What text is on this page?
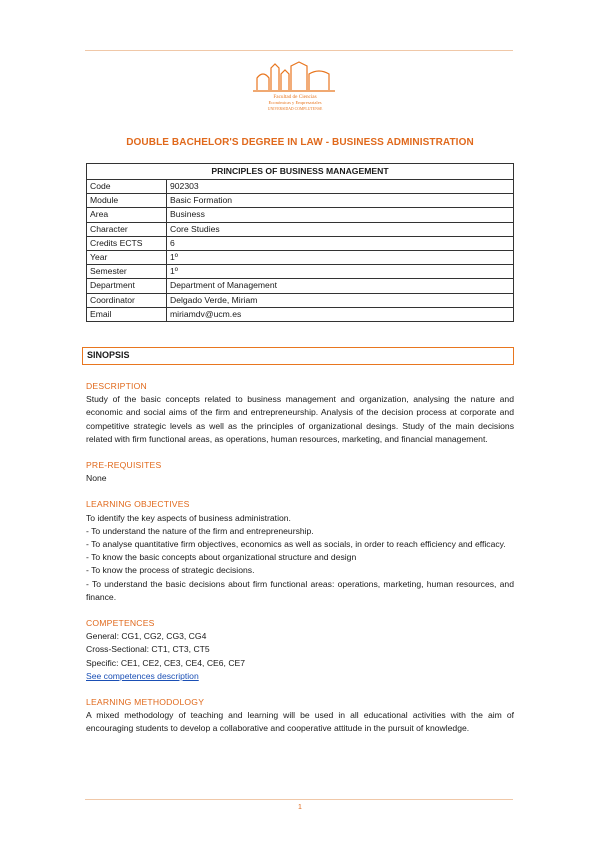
Facultad de Ciencias
Económicas y Empresariales
UNIVERSIDAD COMPLUTENSE
DOUBLE BACHELOR'S DEGREE IN LAW - BUSINESS ADMINISTRATION
PRINCIPLES OF BUSINESS MANAGEMENT	
Code	902303
Module	Basic Formation
Area	Business
Character	Core Studies
Credits ECTS	6
Year	1º
Semester	1º
Department	Department of Management
Coordinator	Delgado Verde, Miriam
Email	miriamdv@ucm.es
SINOPSIS

DESCRIPTION

Study of the basic concepts related to business management and organization, analysing the nature and economic and social aims of the firm and entrepreneurship. Analysis of the decision process at corporate and competitive strategic levels as well as the principles of organizational desings. Study of the main decisions related with firm functional areas, as operations, human resources, marketing, and financial management.

PRE-REQUISITES

None

LEARNING OBJECTIVES

To identify the key aspects of business administration.

- To understand the nature of the firm and entrepreneurship.

- To analyse quantitative firm objectives, economics as well as socials, in order to reach efficiency and efficacy.

- To know the basic concepts about organizational structure and design

- To know the process of strategic decisions.

- To understand the basic decisions about firm functional areas: operations, marketing, human resources, and finance.

COMPETENCES

General: CG1, CG2, CG3, CG4

Cross-Sectional: CT1, CT3, CT5

Specific: CE1, CE2, CE3, CE4, CE6, CE7

See competences description

LEARNING METHODOLOGY

A mixed methodology of teaching and learning will be used in all educational activities with the aim of encouraging students to develop a collaborative and cooperative attitude in the pursuit of knowledge.

1
